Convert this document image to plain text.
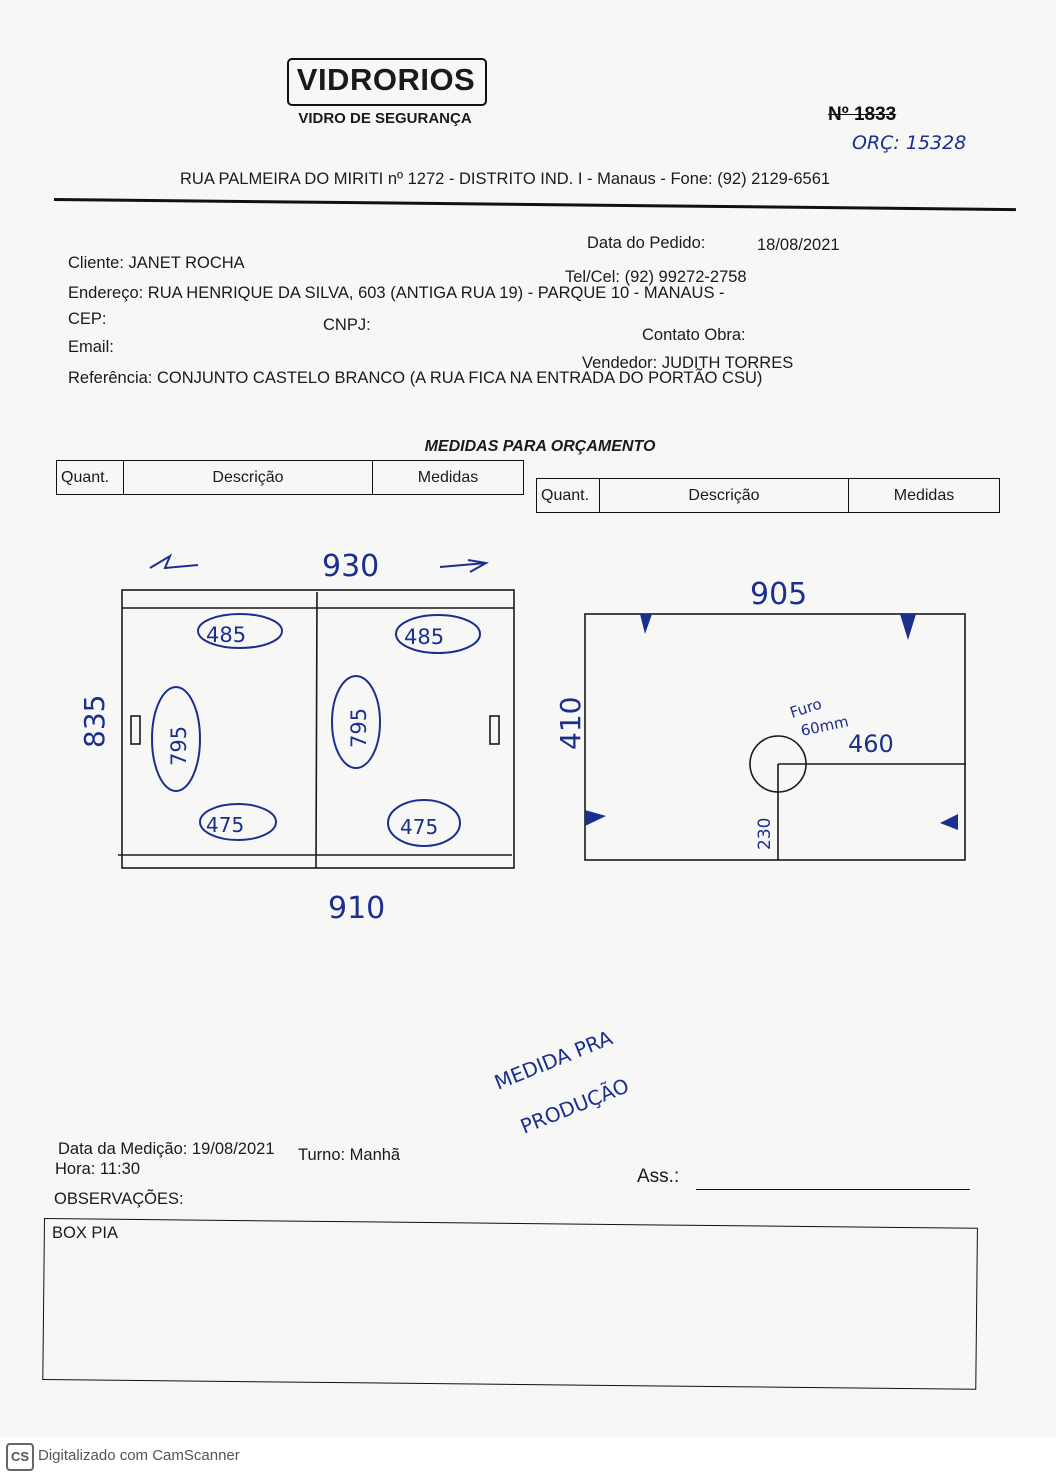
VIDRORIOS
VIDRO DE SEGURANÇA	Nº 1833
ORÇ: 15328
RUA PALMEIRA DO MIRITI nº 1272 - DISTRITO IND. I - Manaus - Fone: (92) 2129-6561
Data do Pedido:	18/08/2021
Cliente: JANET ROCHA
Tel/Cel: (92) 99272-2758
Endereço: RUA HENRIQUE DA SILVA, 603 (ANTIGA RUA 19) - PARQUE 10 - MANAUS -
CEP:	CNPJ:
Contato Obra:
Email:
Vendedor: JUDITH TORRES
Referência: CONJUNTO CASTELO BRANCO (A RUA FICA NA ENTRADA DO PORTÃO CSU)
MEDIDAS PARA ORÇAMENTO
Quant.	Descrição	Medidas
Quant.	Descrição	Medidas
930
910
835
485	485
795	795
475	475
905
410	Furo
60mm
460
230
MEDIDA PRA
PRODUÇÃO
Data da Medição: 19/08/2021 Turno: Manhã
Hora: 11:30	Ass.:
OBSERVAÇÕES:
BOX PIA
CS Digitalizado com CamScanner
